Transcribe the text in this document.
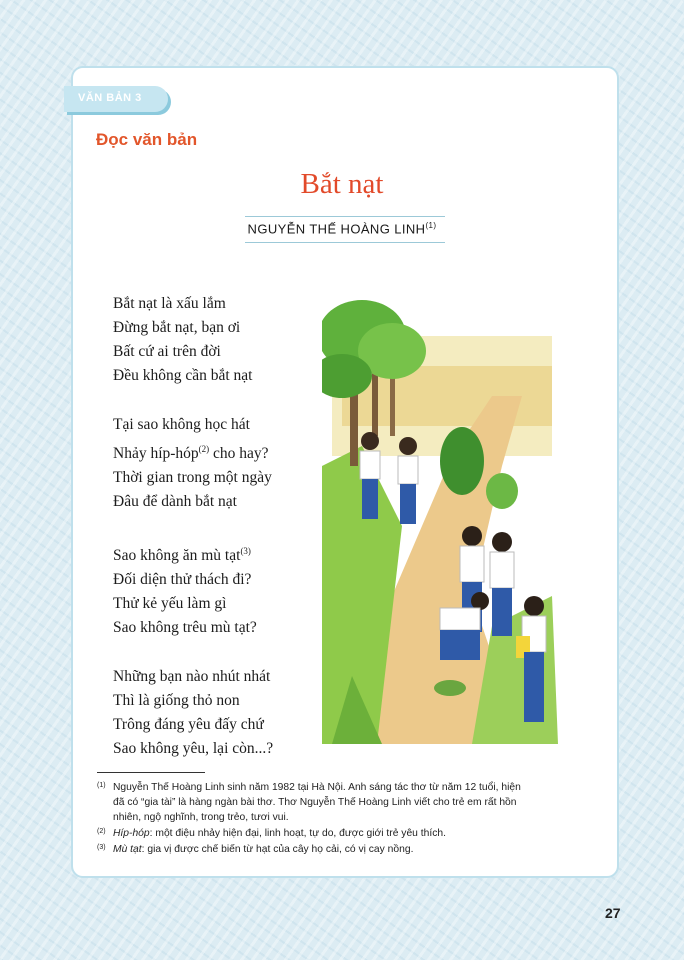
VĂN BẢN 3
Đọc văn bản
Bắt nạt
NGUYỄN THẾ HOÀNG LINH$^{(1)}$
Bắt nạt là xấu lắm
Đừng bắt nạt, bạn ơi
Bất cứ ai trên đời
Đều không cần bắt nạt
Tại sao không học hát
Nhảy híp-hóp$^{(2)}$ cho hay?
Thời gian trong một ngày
Đâu để dành bắt nạt
Sao không ăn mù tạt$^{(3)}$
Đối diện thử thách đi?
Thử kẻ yếu làm gì
Sao không trêu mù tạt?
Những bạn nào nhút nhát
Thì là giống thỏ non
Trông đáng yêu đấy chứ
Sao không yêu, lại còn...?
(1) Nguyễn Thế Hoàng Linh sinh năm 1982 tại Hà Nội. Anh sáng tác thơ từ năm 12 tuổi, hiện đã có “gia tài” là hàng ngàn bài thơ. Thơ Nguyễn Thế Hoàng Linh viết cho trẻ em rất hồn nhiên, ngộ nghĩnh, trong trẻo, tươi vui.
(2) Híp-hóp: một điệu nhảy hiện đại, linh hoạt, tự do, được giới trẻ yêu thích.
(3) Mù tạt: gia vị được chế biến từ hạt của cây họ cải, có vị cay nồng.
27
